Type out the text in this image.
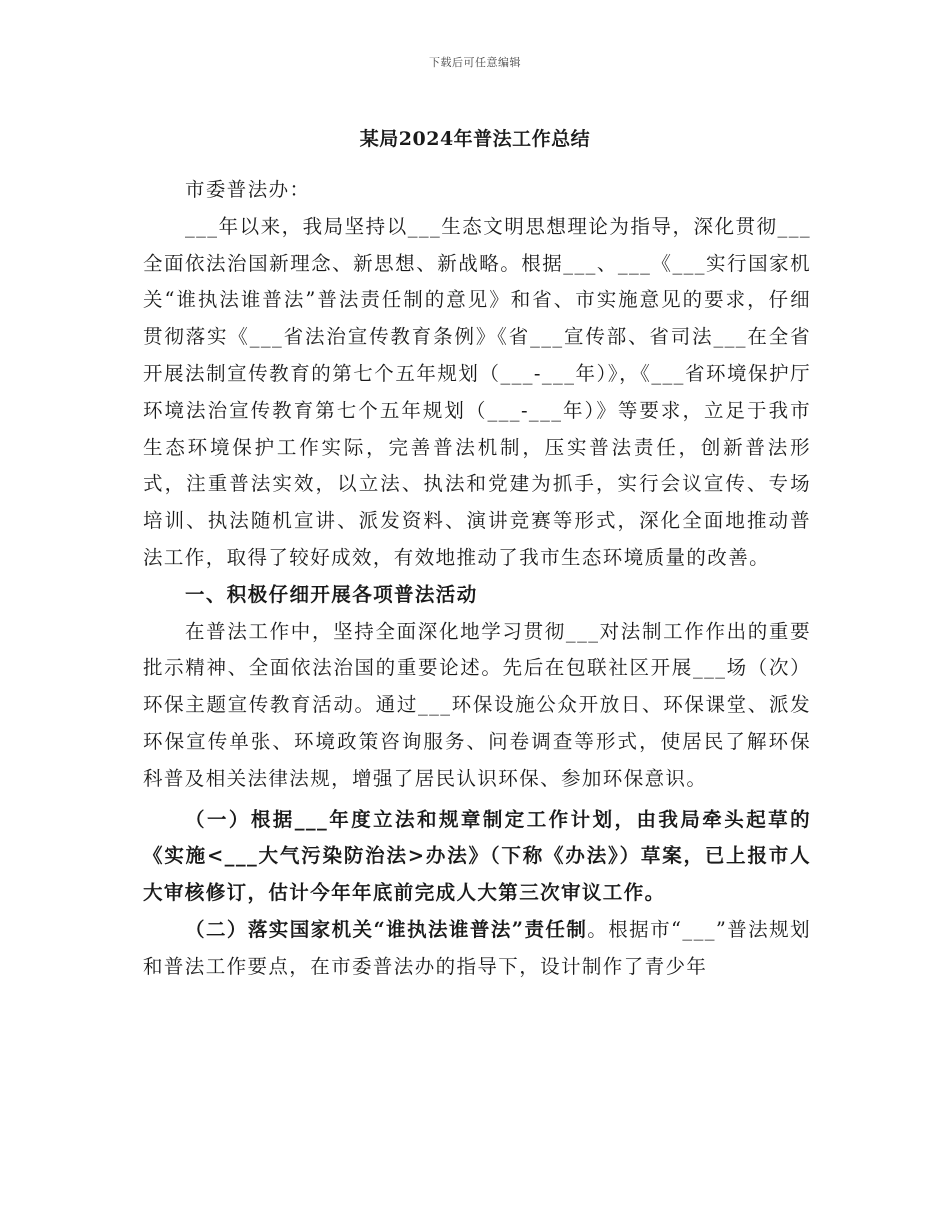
下载后可任意编辑
某局2024年普法工作总结

市委普法办：

___年以来，我局坚持以___生态文明思想理论为指导，深化贯彻___全面依法治国新理念、新思想、新战略。根据___、___《___实行国家机关“谁执法谁普法”普法责任制的意见》和省、市实施意见的要求，仔细贯彻落实《___省法治宣传教育条例》《省___宣传部、省司法___在全省开展法制宣传教育的第七个五年规划（___-___年）》，《___省环境保护厅环境法治宣传教育第七个五年规划（___-___年）》等要求，立足于我市生态环境保护工作实际，完善普法机制，压实普法责任，创新普法形式，注重普法实效，以立法、执法和党建为抓手，实行会议宣传、专场培训、执法随机宣讲、派发资料、演讲竞赛等形式，深化全面地推动普法工作，取得了较好成效，有效地推动了我市生态环境质量的改善。

一、积极仔细开展各项普法活动

在普法工作中，坚持全面深化地学习贯彻___对法制工作作出的重要批示精神、全面依法治国的重要论述。先后在包联社区开展___场（次）环保主题宣传教育活动。通过___环保设施公众开放日、环保课堂、派发环保宣传单张、环境政策咨询服务、问卷调查等形式，使居民了解环保科普及相关法律法规，增强了居民认识环保、参加环保意识。

（一）根据___年度立法和规章制定工作计划，由我局牵头起草的《实施<___大气污染防治法>办法》（下称《办法》）草案，已上报市人大审核修订，估计今年年底前完成人大第三次审议工作。

（二）落实国家机关“谁执法谁普法”责任制。根据市“___”普法规划和普法工作要点，在市委普法办的指导下，设计制作了青少年
